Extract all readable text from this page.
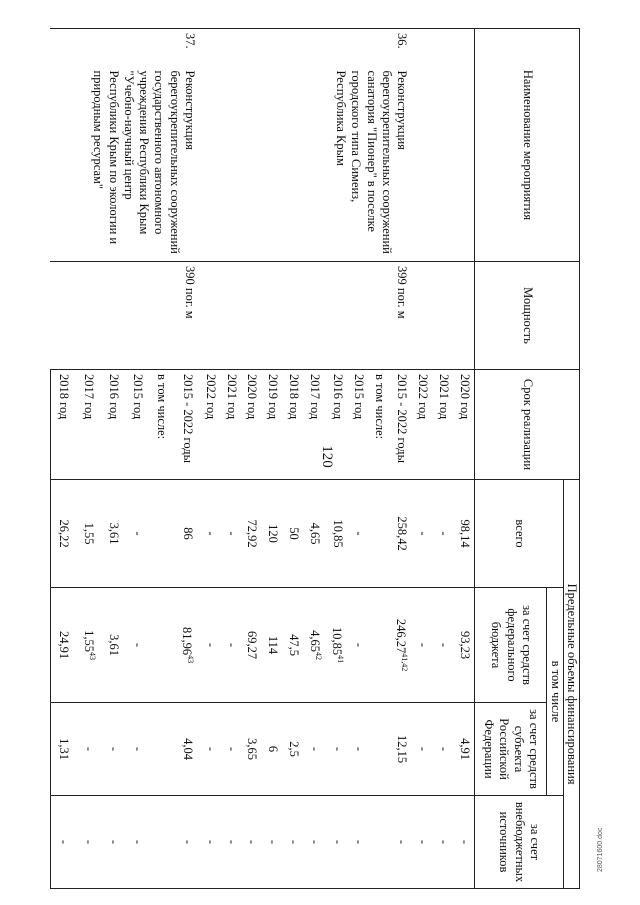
120
Наименование мероприятия		Мощность	Срок реализации	Предельные объемы финансирования			
				всего	в том числе		за счет внебюджетных источников
					за счет средств федерального бюджета	за счет средств субъекта Российской Федерации	
			2020 год	98,14	93,23	4,91	-
			2021 год	-	-	-	-
			2022 год	-	-	-	-
36.	Реконструкция берегоукрепительных сооружений санатория "Пионер" в поселке городского типа Симеиз, Республика Крым	399 пог. м	2015 - 2022 годы	258,42	246,27$^{41,42}$	12,15	-
			в том числе:				
			2015 год	-	-	-	-
			2016 год	10,85	10,85$^{41}$	-	-
			2017 год	4,65	4,65$^{42}$	-	-
			2018 год	50	47,5	2,5	-
			2019 год	120	114	6	-
			2020 год	72,92	69,27	3,65	-
			2021 год	-	-	-	-
			2022 год	-	-	-	-
37.	Реконструкция берегоукрепительных сооружений государственного автономного учреждения Республики Крым "Учебно-научный центр Республики Крым по экологии и природным ресурсам"	390 пог. м	2015 - 2022 годы	86	81,96$^{43}$	4,04	-
			в том числе:				
			2015 год	-	-	-	-
			2016 год	3,61	3,61	-	-
			2017 год	1,55	1,55$^{43}$	-	-
			2018 год	26,22	24,91	1,31	-	28071600.doc
